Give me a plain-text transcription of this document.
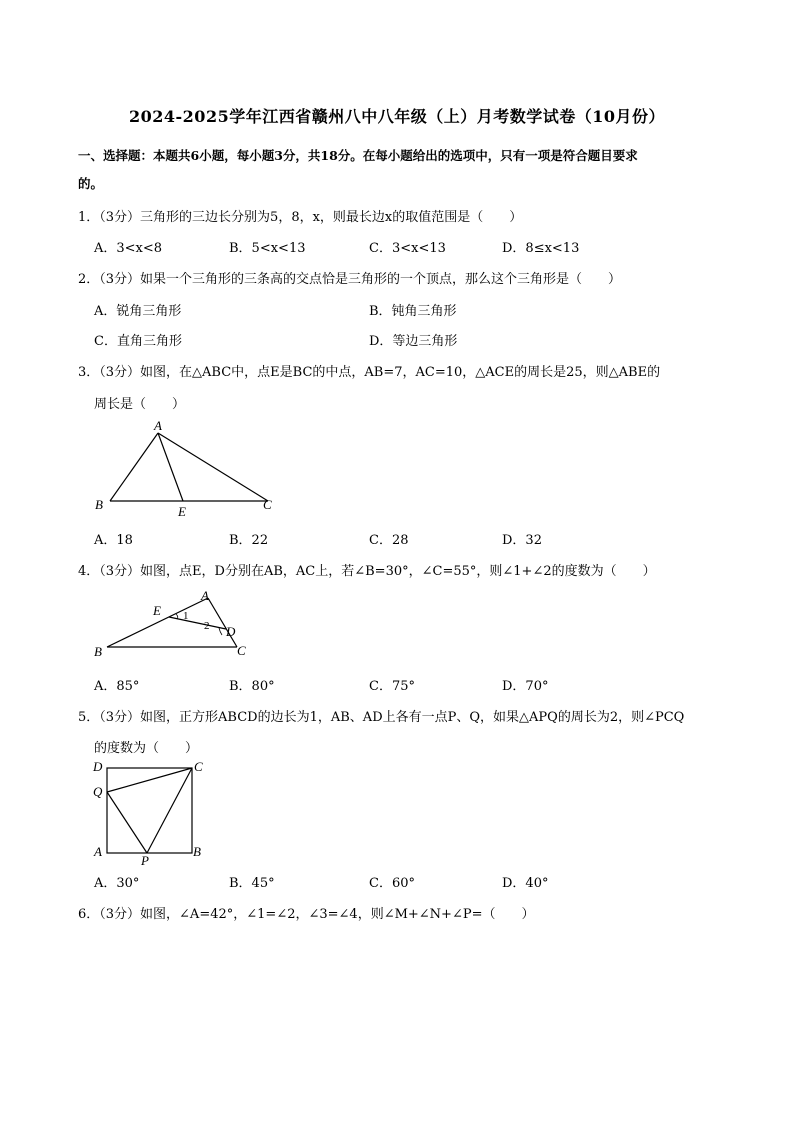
2024-2025学年江西省赣州八中八年级（上）月考数学试卷（10月份）
一、选择题：本题共6小题，每小题3分，共18分。在每小题给出的选项中，只有一项是符合题目要求
的。
1．（3分）三角形的三边长分别为5，8，x，则最长边x的取值范围是（　　）
A．3<x<8	B．5<x<13	C．3<x<13	D．8≤x<13
2．（3分）如果一个三角形的三条高的交点恰是三角形的一个顶点，那么这个三角形是（　　）
A．锐角三角形	B．钝角三角形
C．直角三角形	D．等边三角形
3．（3分）如图，在△ABC中，点E是BC的中点，AB=7，AC=10，△ACE的周长是25，则△ABE的
周长是（　　）
A
B	C
E
A．18	B．22	C．28	D．32
4．（3分）如图，点E，D分别在AB，AC上，若∠B=30°，∠C=55°，则∠1+∠2的度数为（　　）
A
E
D
B	C
1
2
A．85°	B．80°	C．75°	D．70°
5．（3分）如图，正方形ABCD的边长为1，AB、AD上各有一点P、Q，如果△APQ的周长为2，则∠PCQ
的度数为（　　）
D	C
Q
A
P
B
A．30°	B．45°	C．60°	D．40°
6．（3分）如图，∠A=42°，∠1=∠2，∠3=∠4，则∠M+∠N+∠P=（　　）
